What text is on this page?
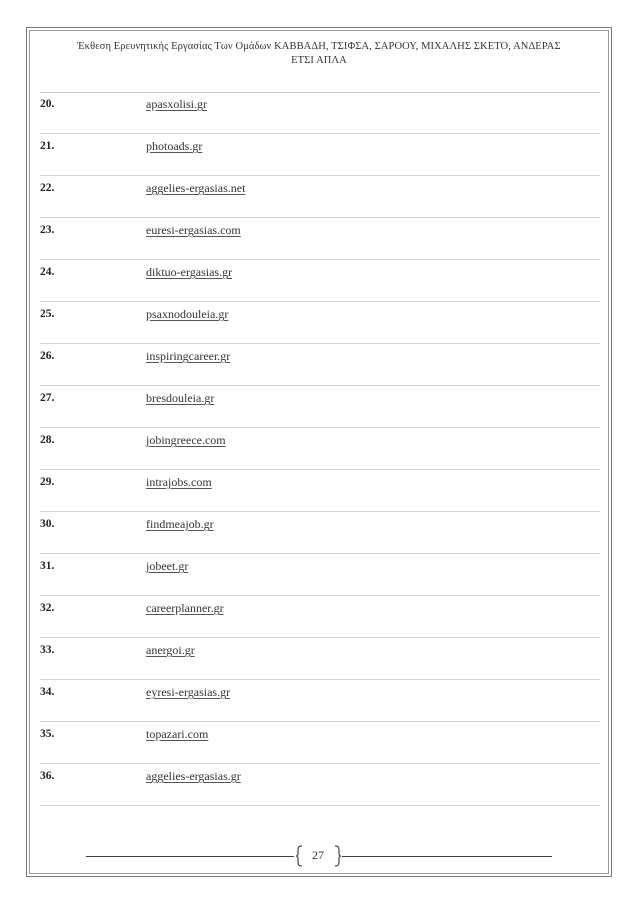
Έκθεση Ερευνητικής Εργασίας Των Ομάδων ΚΑΒΒΑΔΗ, ΤΣΙΦΣΑ, ΣΑΡΟΟΥ, ΜΙΧΑΛΗΣ ΣΚΕΤΟ, ΑΝΔΕΡΑΣ
ΕΤΣΙ ΑΠΛΑ
20.	apasxolisi.gr
21.	photoads.gr
22.	aggelies-ergasias.net
23.	euresi-ergasias.com
24.	diktuo-ergasias.gr
25.	psaxnodouleia.gr
26.	inspiringcareer.gr
27.	bresdouleia.gr
28.	jobingreece.com
29.	intrajobs.com
30.	findmeajob.gr
31.	jobeet.gr
32.	careerplanner.gr
33.	anergoi.gr
34.	eyresi-ergasias.gr
35.	topazari.com
36.	aggelies-ergasias.gr
27
